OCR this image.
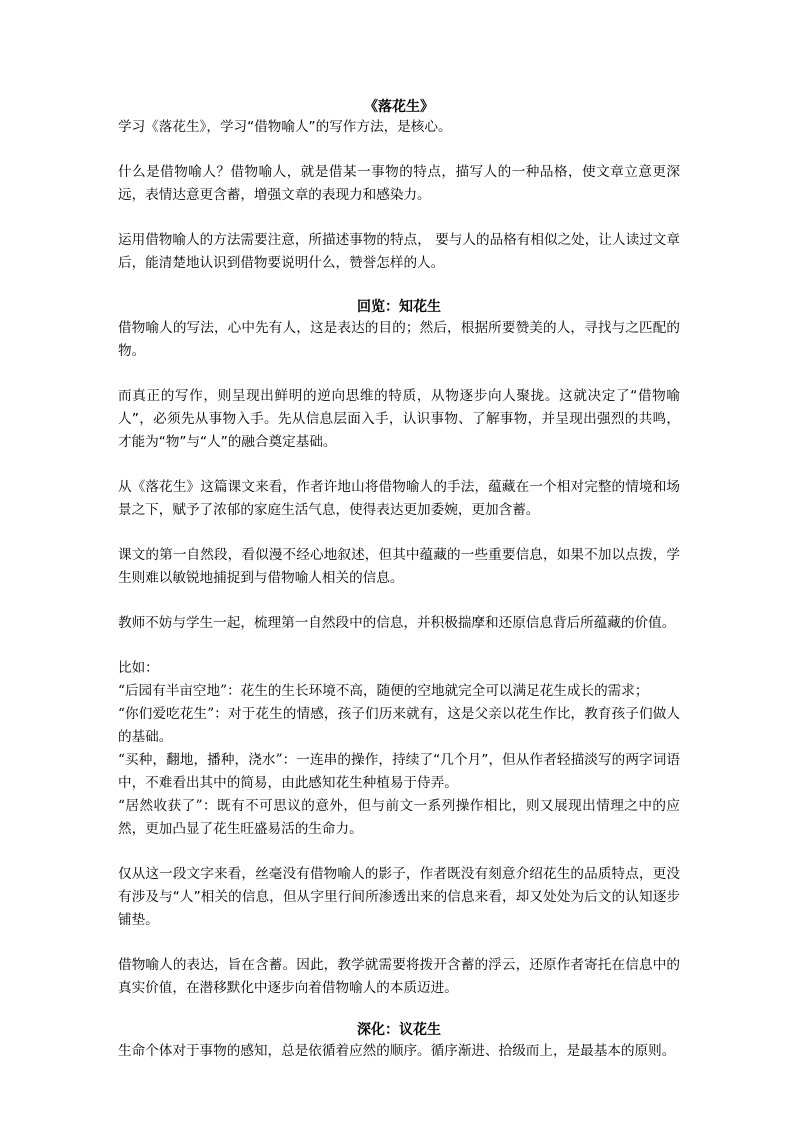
《落花生》

学习《落花生》，学习“借物喻人”的写作方法，是核心。

什么是借物喻人？借物喻人，就是借某一事物的特点，描写人的一种品格，使文章立意更深远，表情达意更含蓄，增强文章的表现力和感染力。

运用借物喻人的方法需要注意，所描述事物的特点， 要与人的品格有相似之处，让人读过文章后，能清楚地认识到借物要说明什么，赞誉怎样的人。

回览：知花生

借物喻人的写法，心中先有人，这是表达的目的；然后，根据所要赞美的人，寻找与之匹配的物。

而真正的写作，则呈现出鲜明的逆向思维的特质，从物逐步向人聚拢。这就决定了“借物喻人”，必须先从事物入手。先从信息层面入手，认识事物、了解事物，并呈现出强烈的共鸣，才能为“物”与“人”的融合奠定基础。

从《落花生》这篇课文来看，作者许地山将借物喻人的手法，蕴藏在一个相对完整的情境和场景之下，赋予了浓郁的家庭生活气息，使得表达更加委婉，更加含蓄。

课文的第一自然段，看似漫不经心地叙述，但其中蕴藏的一些重要信息，如果不加以点拨，学生则难以敏锐地捕捉到与借物喻人相关的信息。

教师不妨与学生一起，梳理第一自然段中的信息，并积极揣摩和还原信息背后所蕴藏的价值。

比如：

“后园有半亩空地”：花生的生长环境不高，随便的空地就完全可以满足花生成长的需求；

“你们爱吃花生”：对于花生的情感，孩子们历来就有，这是父亲以花生作比，教育孩子们做人的基础。

“买种，翻地，播种，浇水”：一连串的操作，持续了“几个月”，但从作者轻描淡写的两字词语中，不难看出其中的简易，由此感知花生种植易于侍弄。

“居然收获了”：既有不可思议的意外，但与前文一系列操作相比，则又展现出情理之中的应然，更加凸显了花生旺盛易活的生命力。

仅从这一段文字来看，丝毫没有借物喻人的影子，作者既没有刻意介绍花生的品质特点，更没有涉及与“人”相关的信息，但从字里行间所渗透出来的信息来看，却又处处为后文的认知逐步铺垫。

借物喻人的表达，旨在含蓄。因此，教学就需要将拨开含蓄的浮云，还原作者寄托在信息中的真实价值，在潜移默化中逐步向着借物喻人的本质迈进。

深化：议花生

生命个体对于事物的感知，总是依循着应然的顺序。循序渐进、拾级而上，是最基本的原则。
